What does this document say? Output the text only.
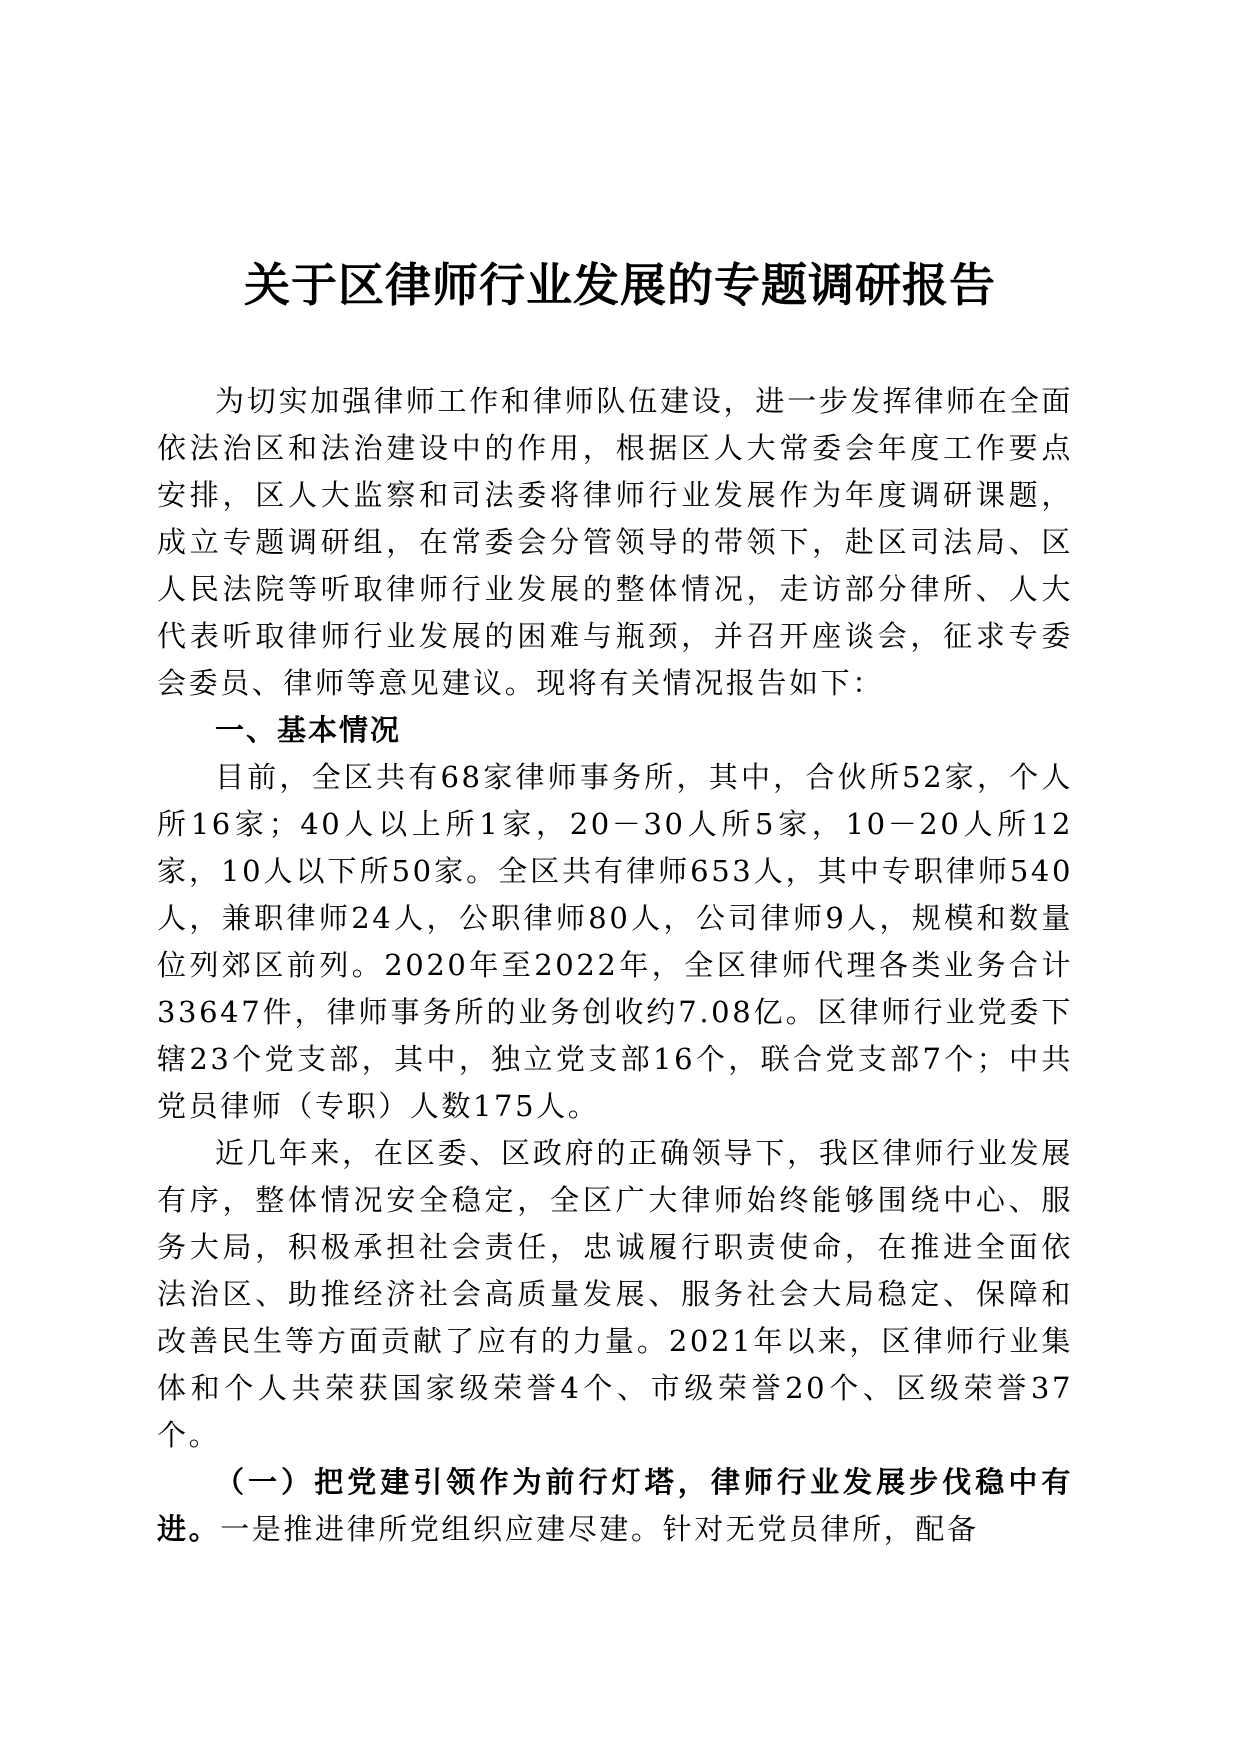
关于区律师行业发展的专题调研报告

为切实加强律师工作和律师队伍建设，进一步发挥律师在全面依法治区和法治建设中的作用，根据区人大常委会年度工作要点安排，区人大监察和司法委将律师行业发展作为年度调研课题，成立专题调研组，在常委会分管领导的带领下，赴区司法局、区人民法院等听取律师行业发展的整体情况，走访部分律所、人大代表听取律师行业发展的困难与瓶颈，并召开座谈会，征求专委会委员、律师等意见建议。现将有关情况报告如下：

一、基本情况

目前，全区共有68家律师事务所，其中，合伙所52家，个人所16家；40人以上所1家，20－30人所5家，10－20人所12家，10人以下所50家。全区共有律师653人，其中专职律师540人，兼职律师24人，公职律师80人，公司律师9人，规模和数量位列郊区前列。2020年至2022年，全区律师代理各类业务合计33647件，律师事务所的业务创收约7.08亿。区律师行业党委下辖23个党支部，其中，独立党支部16个，联合党支部7个；中共党员律师（专职）人数175人。

近几年来，在区委、区政府的正确领导下，我区律师行业发展有序，整体情况安全稳定，全区广大律师始终能够围绕中心、服务大局，积极承担社会责任，忠诚履行职责使命，在推进全面依法治区、助推经济社会高质量发展、服务社会大局稳定、保障和改善民生等方面贡献了应有的力量。2021年以来，区律师行业集体和个人共荣获国家级荣誉4个、市级荣誉20个、区级荣誉37个。

（一）把党建引领作为前行灯塔，律师行业发展步伐稳中有进。一是推进律所党组织应建尽建。针对无党员律所，配备
